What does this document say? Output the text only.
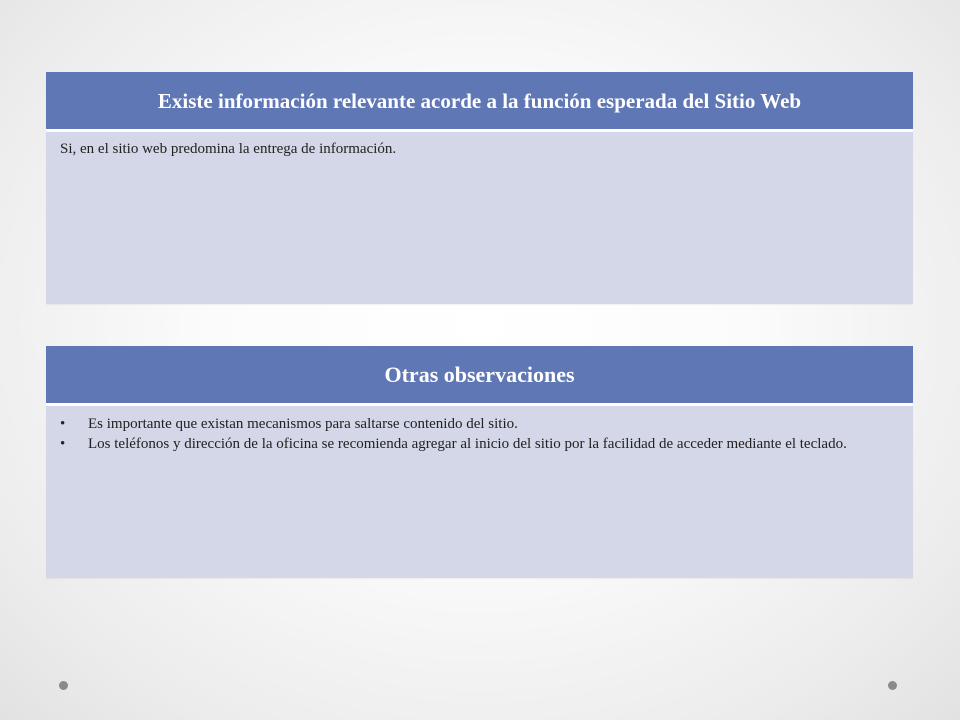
Existe información relevante acorde a la función esperada del Sitio Web
Si, en el sitio web predomina la entrega de información.
Otras observaciones
• Es importante que existan mecanismos para saltarse contenido del sitio.
• Los teléfonos y dirección de la oficina se recomienda agregar al inicio del sitio por la facilidad de acceder mediante el teclado.
